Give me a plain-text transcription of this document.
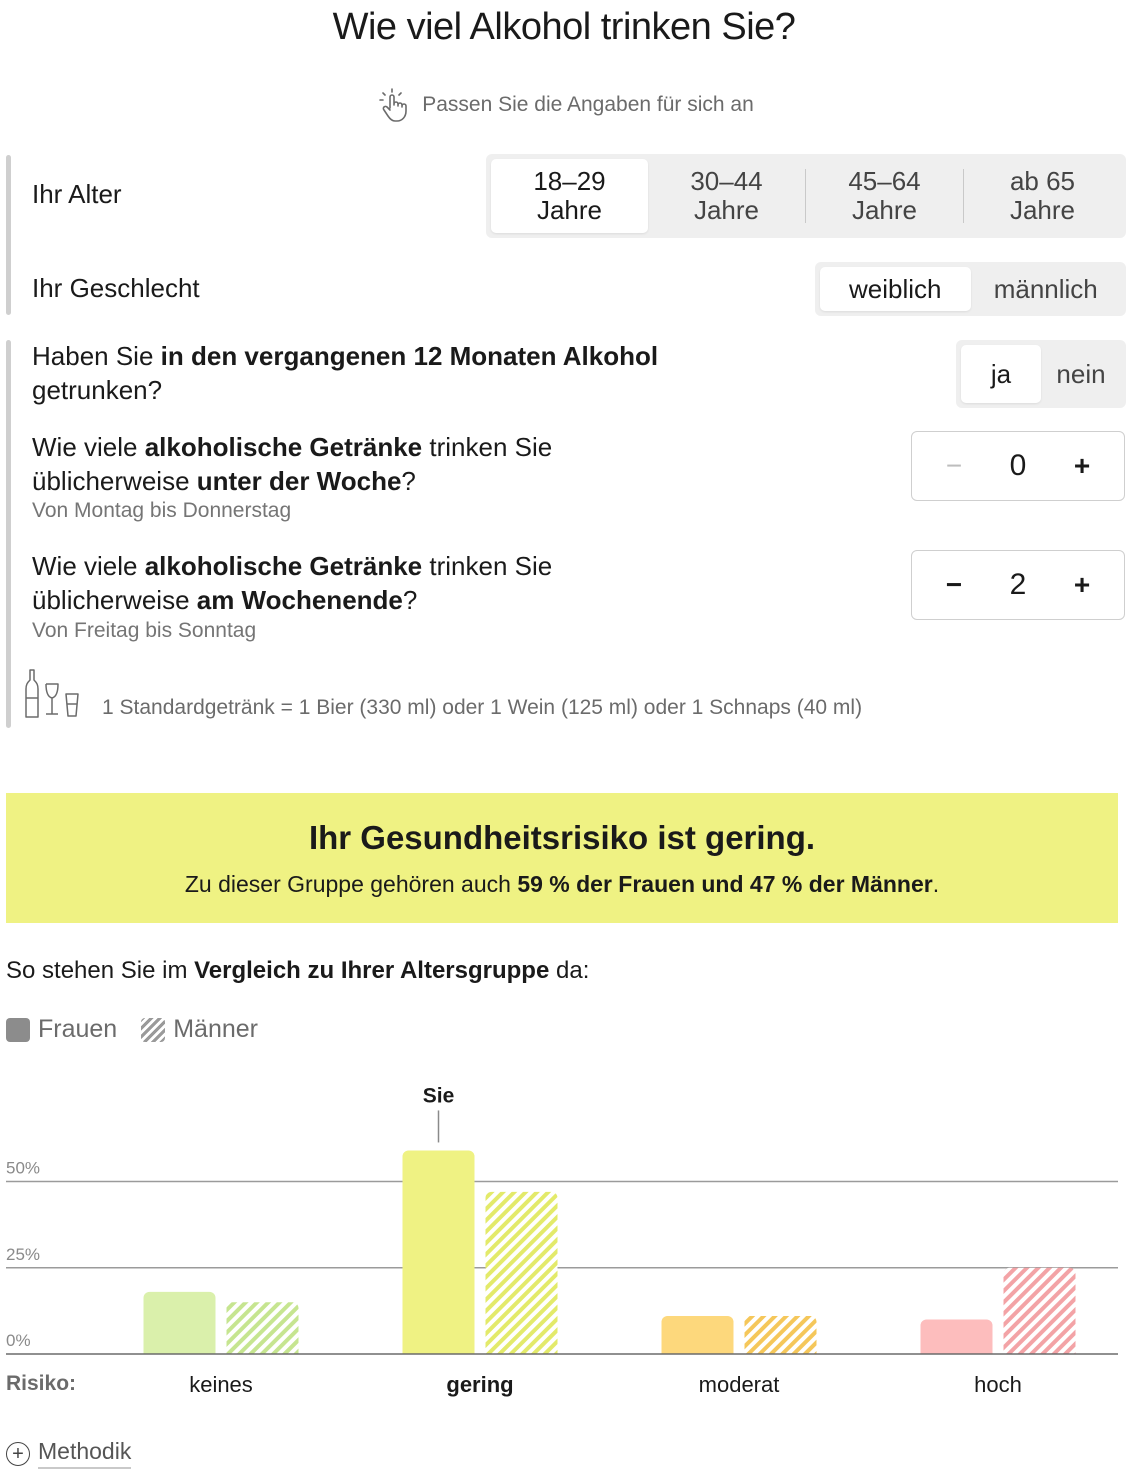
Wie viel Alkohol trinken Sie?
Passen Sie die Angaben für sich an
Ihr Alter	18–29
Jahre
30–44
Jahre
45–64
Jahre
ab 65
Jahre
Ihr Geschlecht	weiblich	männlich
Haben Sie in den vergangenen 12 Monaten Alkohol
getrunken?
ja	nein
Wie viele alkoholische Getränke trinken Sie
üblicherweise unter der Woche?
Von Montag bis Donnerstag
− 0 +
Wie viele alkoholische Getränke trinken Sie
üblicherweise am Wochenende?
Von Freitag bis Sonntag
− 2 +
1 Standardgetränk = 1 Bier (330 ml) oder 1 Wein (125 ml) oder 1 Schnaps (40 ml)
Ihr Gesundheitsrisiko ist gering.
Zu dieser Gruppe gehören auch 59 % der Frauen und 47 % der Männer.
So stehen Sie im Vergleich zu Ihrer Altersgruppe da:
Frauen Männer
0%
25%
50%
keines	gering
Sie
moderat	hoch
Risiko:
+ Methodik
